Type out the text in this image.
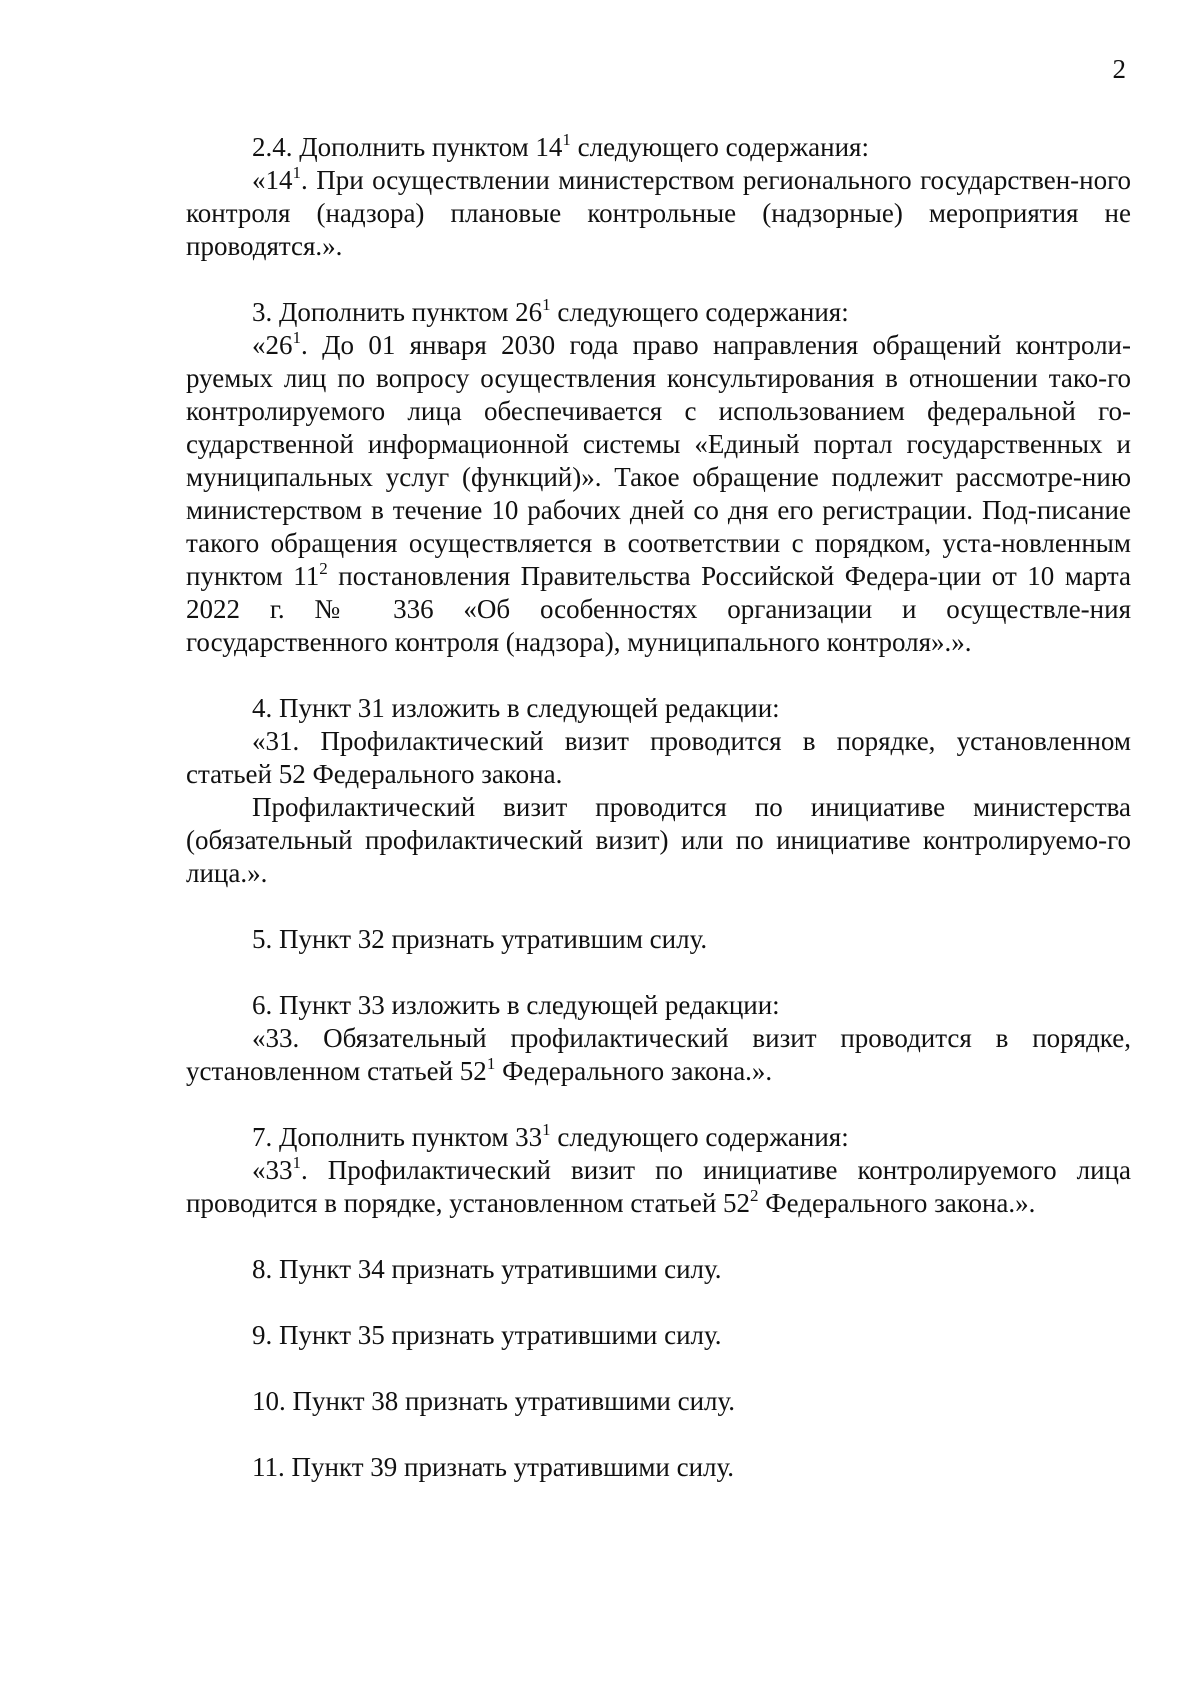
2

2.4. Дополнить пунктом $14^1$ следующего содержания:

«$14^1$. При осуществлении министерством регионального государствен-ного контроля (надзора) плановые контрольные (надзорные) мероприятия не проводятся.».

3. Дополнить пунктом $26^1$ следующего содержания:

«$26^1$. До 01 января 2030 года право направления обращений контроли-руемых лиц по вопросу осуществления консультирования в отношении тако-го контролируемого лица обеспечивается с использованием федеральной го-сударственной информационной системы «Единый портал государственных и муниципальных услуг (функций)». Такое обращение подлежит рассмотре-нию министерством в течение 10 рабочих дней со дня его регистрации. Под-писание такого обращения осуществляется в соответствии с порядком, уста-новленным пунктом $11^2$ постановления Правительства Российской Федера-ции от 10 марта 2022 г. № 336 «Об особенностях организации и осуществле-ния государственного контроля (надзора), муниципального контроля».».

4. Пункт 31 изложить в следующей редакции:

«31. Профилактический визит проводится в порядке, установленном статьей 52 Федерального закона.

Профилактический визит проводится по инициативе министерства (обязательный профилактический визит) или по инициативе контролируемо-го лица.».

5. Пункт 32 признать утратившим силу.

6. Пункт 33 изложить в следующей редакции:

«33. Обязательный профилактический визит проводится в порядке, установленном статьей $52^1$ Федерального закона.».

7. Дополнить пунктом $33^1$ следующего содержания:

«$33^1$. Профилактический визит по инициативе контролируемого лица проводится в порядке, установленном статьей $52^2$ Федерального закона.».

8. Пункт 34 признать утратившими силу.

9. Пункт 35 признать утратившими силу.

10. Пункт 38 признать утратившими силу.

11. Пункт 39 признать утратившими силу.
